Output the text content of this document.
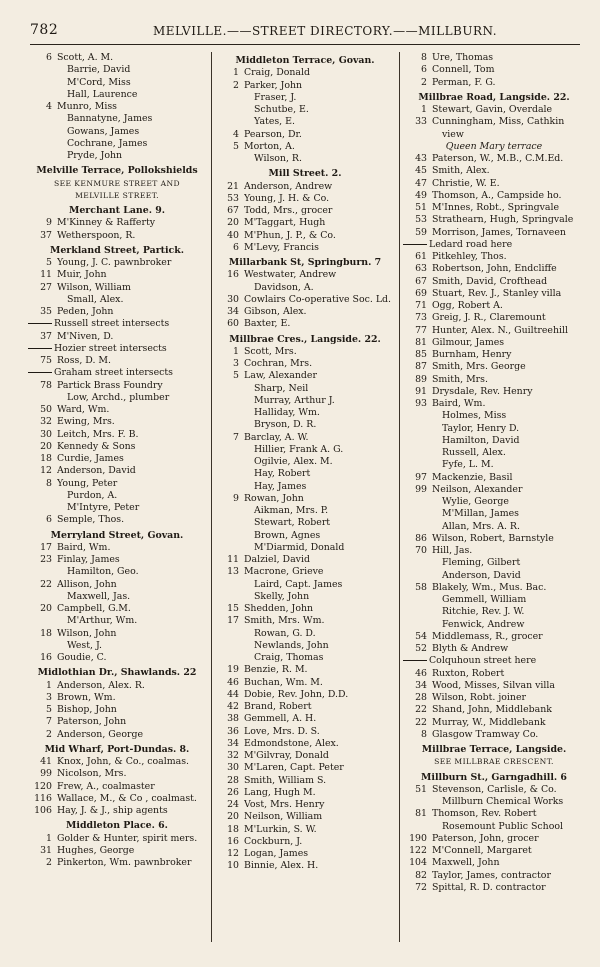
782	MELVILLE.——STREET DIRECTORY.——MILLBURN.
6 Scott, A. M.
Barrie, David
M'Cord, Miss
Hall, Laurence
4 Munro, Miss
Bannatyne, James
Gowans, James
Cochrane, James
Pryde, John
Melville Terrace, Pollokshields
SEE KENMURE STREET AND
MELVILLE STREET.
Merchant Lane. 9.
9 M'Kinney & Rafferty
37 Wetherspoon, R.
Merkland Street, Partick.
5 Young, J. C. pawnbroker
11 Muir, John
27 Wilson, William
Small, Alex.
35 Peden, John
Russell street intersects
37 M'Niven, D.
Hozier street intersects
75 Ross, D. M.
Graham street intersects
78 Partick Brass Foundry
Low, Archd., plumber
50 Ward, Wm.
32 Ewing, Mrs.
30 Leitch, Mrs. F. B.
20 Kennedy & Sons
18 Curdie, James
12 Anderson, David
8 Young, Peter
Purdon, A.
M'Intyre, Peter
6 Semple, Thos.
Merryland Street, Govan.
17 Baird, Wm.
23 Finlay, James
Hamilton, Geo.
22 Allison, John
Maxwell, Jas.
20 Campbell, G.M.
M'Arthur, Wm.
18 Wilson, John
West, J.
16 Goudie, C.
Midlothian Dr., Shawlands. 22
1 Anderson, Alex. R.
3 Brown, Wm.
5 Bishop, John
7 Paterson, John
2 Anderson, George
Mid Wharf, Port-Dundas. 8.
41 Knox, John, & Co., coalmas.
99 Nicolson, Mrs.
120 Frew, A., coalmaster
116 Wallace, M., & Co , coalmast.
106 Hay, J. & J., ship agents
Middleton Place. 6.
1 Golder & Hunter, spirit mers.
31 Hughes, George
2 Pinkerton, Wm. pawnbroker
Middleton Terrace, Govan.
1 Craig, Donald
2 Parker, John
Fraser, J.
Schutbe, E.
Yates, E.
4 Pearson, Dr.
5 Morton, A.
Wilson, R.
Mill Street. 2.
21 Anderson, Andrew
53 Young, J. H. & Co.
67 Todd, Mrs., grocer
20 M'Taggart, Hugh
40 M'Phun, J. P., & Co.
6 M'Levy, Francis
Millarbank St, Springburn. 7
16 Westwater, Andrew
Davidson, A.
30 Cowlairs Co-operative Soc. Ld.
34 Gibson, Alex.
60 Baxter, E.
Millbrae Cres., Langside. 22.
1 Scott, Mrs.
3 Cochran, Mrs.
5 Law, Alexander
Sharp, Neil
Murray, Arthur J.
Halliday, Wm.
Bryson, D. R.
7 Barclay, A. W.
Hillier, Frank A. G.
Ogilvie, Alex. M.
Hay, Robert
Hay, James
9 Rowan, John
Aikman, Mrs. P.
Stewart, Robert
Brown, Agnes
M'Diarmid, Donald
11 Dalziel, David
13 Macrone, Grieve
Laird, Capt. James
Skelly, John
15 Shedden, John
17 Smith, Mrs. Wm.
Rowan, G. D.
Newlands, John
Craig, Thomas
19 Benzie, R. M.
46 Buchan, Wm. M.
44 Dobie, Rev. John, D.D.
42 Brand, Robert
38 Gemmell, A. H.
36 Love, Mrs. D. S.
34 Edmondstone, Alex.
32 M'Gilvray, Donald
30 M'Laren, Capt. Peter
28 Smith, William S.
26 Lang, Hugh M.
24 Vost, Mrs. Henry
20 Neilson, William
18 M'Lurkin, S. W.
16 Cockburn, J.
12 Logan, James
10 Binnie, Alex. H.
8 Ure, Thomas
6 Connell, Tom
2 Perman, F. G.
Millbrae Road, Langside. 22.
1 Stewart, Gavin, Overdale
33 Cunningham, Miss, Cathkin
view
Queen Mary terrace
43 Paterson, W., M.B., C.M.Ed.
45 Smith, Alex.
47 Christie, W. E.
49 Thomson, A., Campside ho.
51 M'Innes, Robt., Springvale
53 Strathearn, Hugh, Springvale
59 Morrison, James, Tornaveen
Ledard road here
61 Pitkehley, Thos.
63 Robertson, John, Endcliffe
67 Smith, David, Crofthead
69 Stuart, Rev. J., Stanley villa
71 Ogg, Robert A.
73 Greig, J. R., Claremount
77 Hunter, Alex. N., Guiltreehill
81 Gilmour, James
85 Burnham, Henry
87 Smith, Mrs. George
89 Smith, Mrs.
91 Drysdale, Rev. Henry
93 Baird, Wm.
Holmes, Miss
Taylor, Henry D.
Hamilton, David
Russell, Alex.
Fyfe, L. M.
97 Mackenzie, Basil
99 Neilson, Alexander
Wylie, George
M'Millan, James
Allan, Mrs. A. R.
86 Wilson, Robert, Barnstyle
70 Hill, Jas.
Fleming, Gilbert
Anderson, David
58 Blakely, Wm., Mus. Bac.
Gemmell, William
Ritchie, Rev. J. W.
Fenwick, Andrew
54 Middlemass, R., grocer
52 Blyth & Andrew
Colquhoun street here
46 Ruxton, Robert
34 Wood, Misses, Silvan villa
28 Wilson, Robt. joiner
22 Shand, John, Middlebank
22 Murray, W., Middlebank
8 Glasgow Tramway Co.
Millbrae Terrace, Langside.
SEE MILLBRAE CRESCENT.
Millburn St., Garngadhill. 6
51 Stevenson, Carlisle, & Co.
Millburn Chemical Works
81 Thomson, Rev. Robert
Rosemount Public School
190 Paterson, John, grocer
122 M'Connell, Margaret
104 Maxwell, John
82 Taylor, James, contractor
72 Spittal, R. D. contractor
